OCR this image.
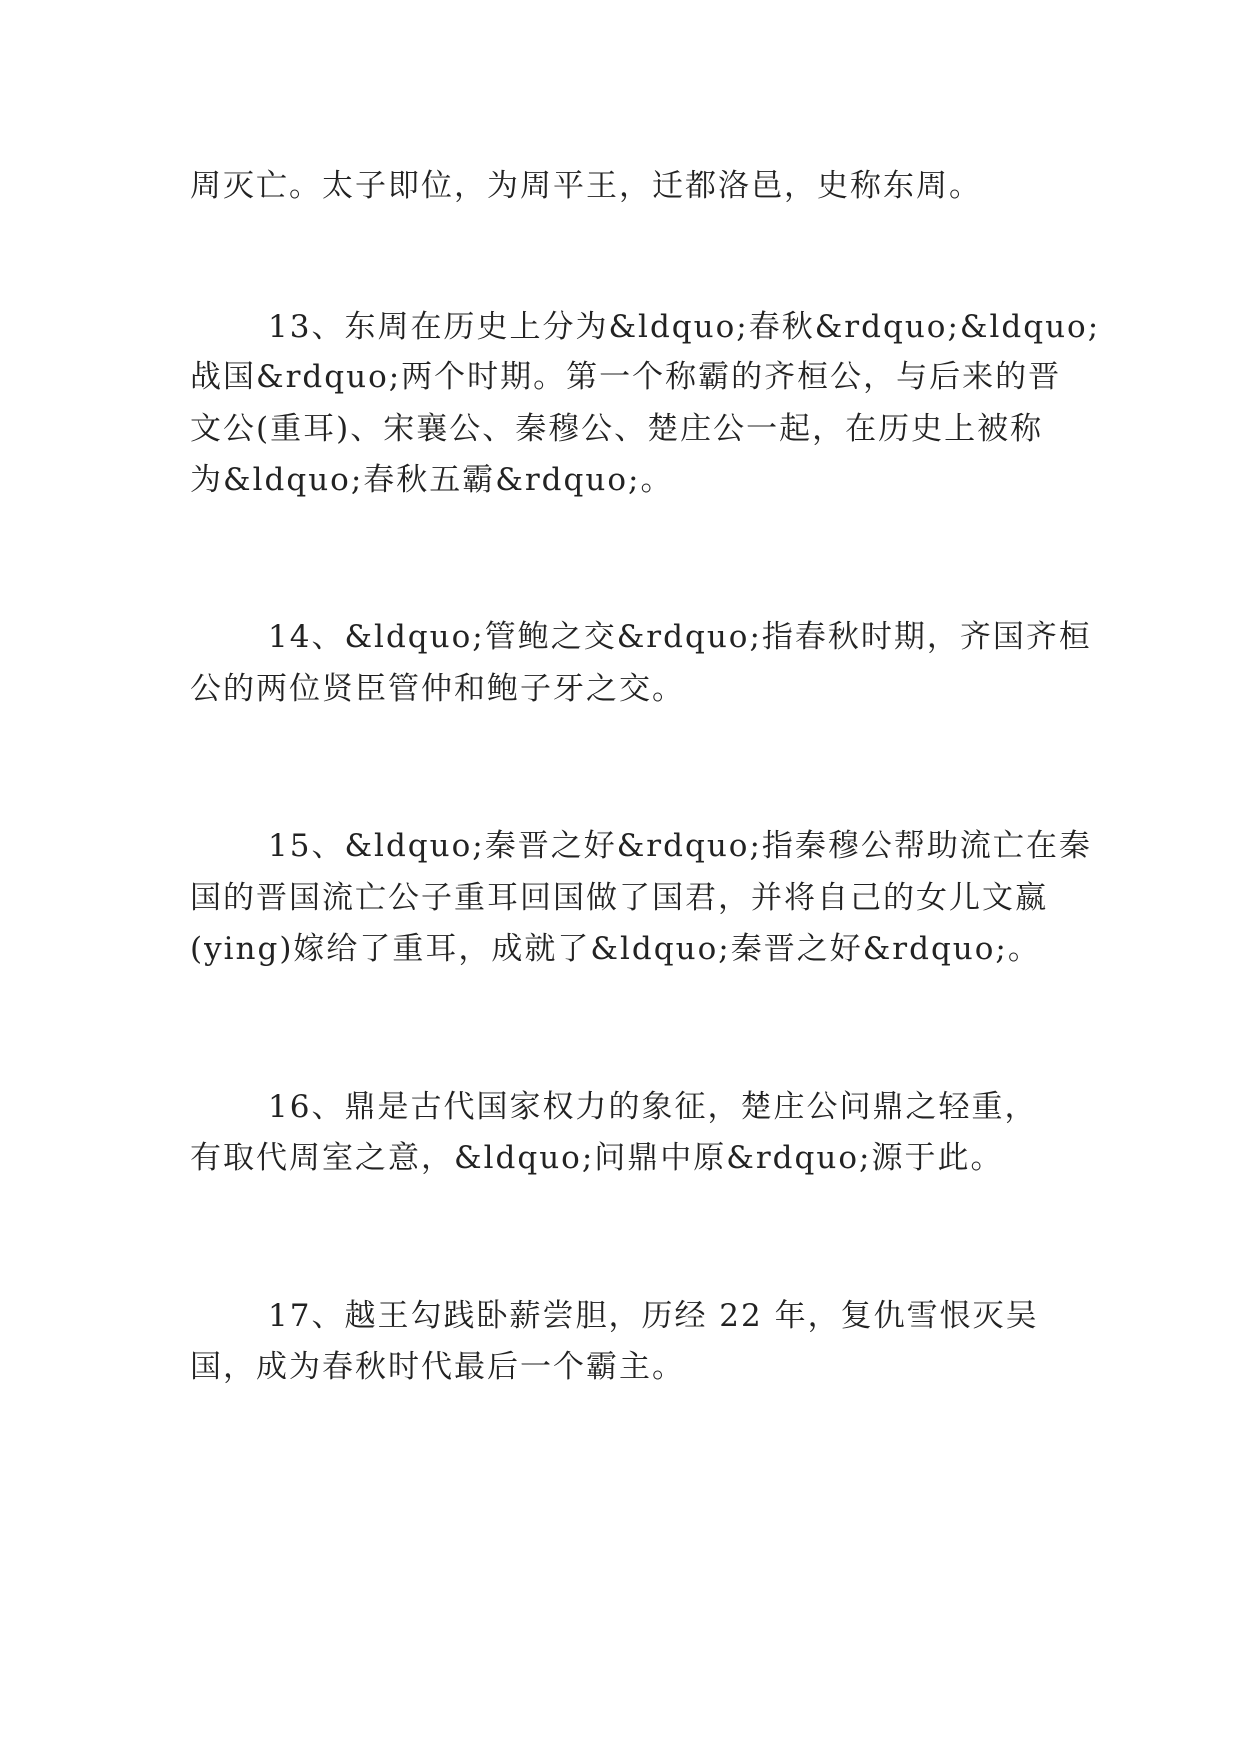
周灭亡。太子即位，为周平王，迁都洛邑，史称东周。
13、东周在历史上分为&ldquo;春秋&rdquo;&ldquo;
战国&rdquo;两个时期。第一个称霸的齐桓公，与后来的晋
文公(重耳)、宋襄公、秦穆公、楚庄公一起，在历史上被称
为&ldquo;春秋五霸&rdquo;。
14、&ldquo;管鲍之交&rdquo;指春秋时期，齐国齐桓
公的两位贤臣管仲和鲍子牙之交。
15、&ldquo;秦晋之好&rdquo;指秦穆公帮助流亡在秦
国的晋国流亡公子重耳回国做了国君，并将自己的女儿文嬴
(ying)嫁给了重耳，成就了&ldquo;秦晋之好&rdquo;。
16、鼎是古代国家权力的象征，楚庄公问鼎之轻重，
有取代周室之意，&ldquo;问鼎中原&rdquo;源于此。
17、越王勾践卧薪尝胆，历经 22 年，复仇雪恨灭吴
国，成为春秋时代最后一个霸主。
